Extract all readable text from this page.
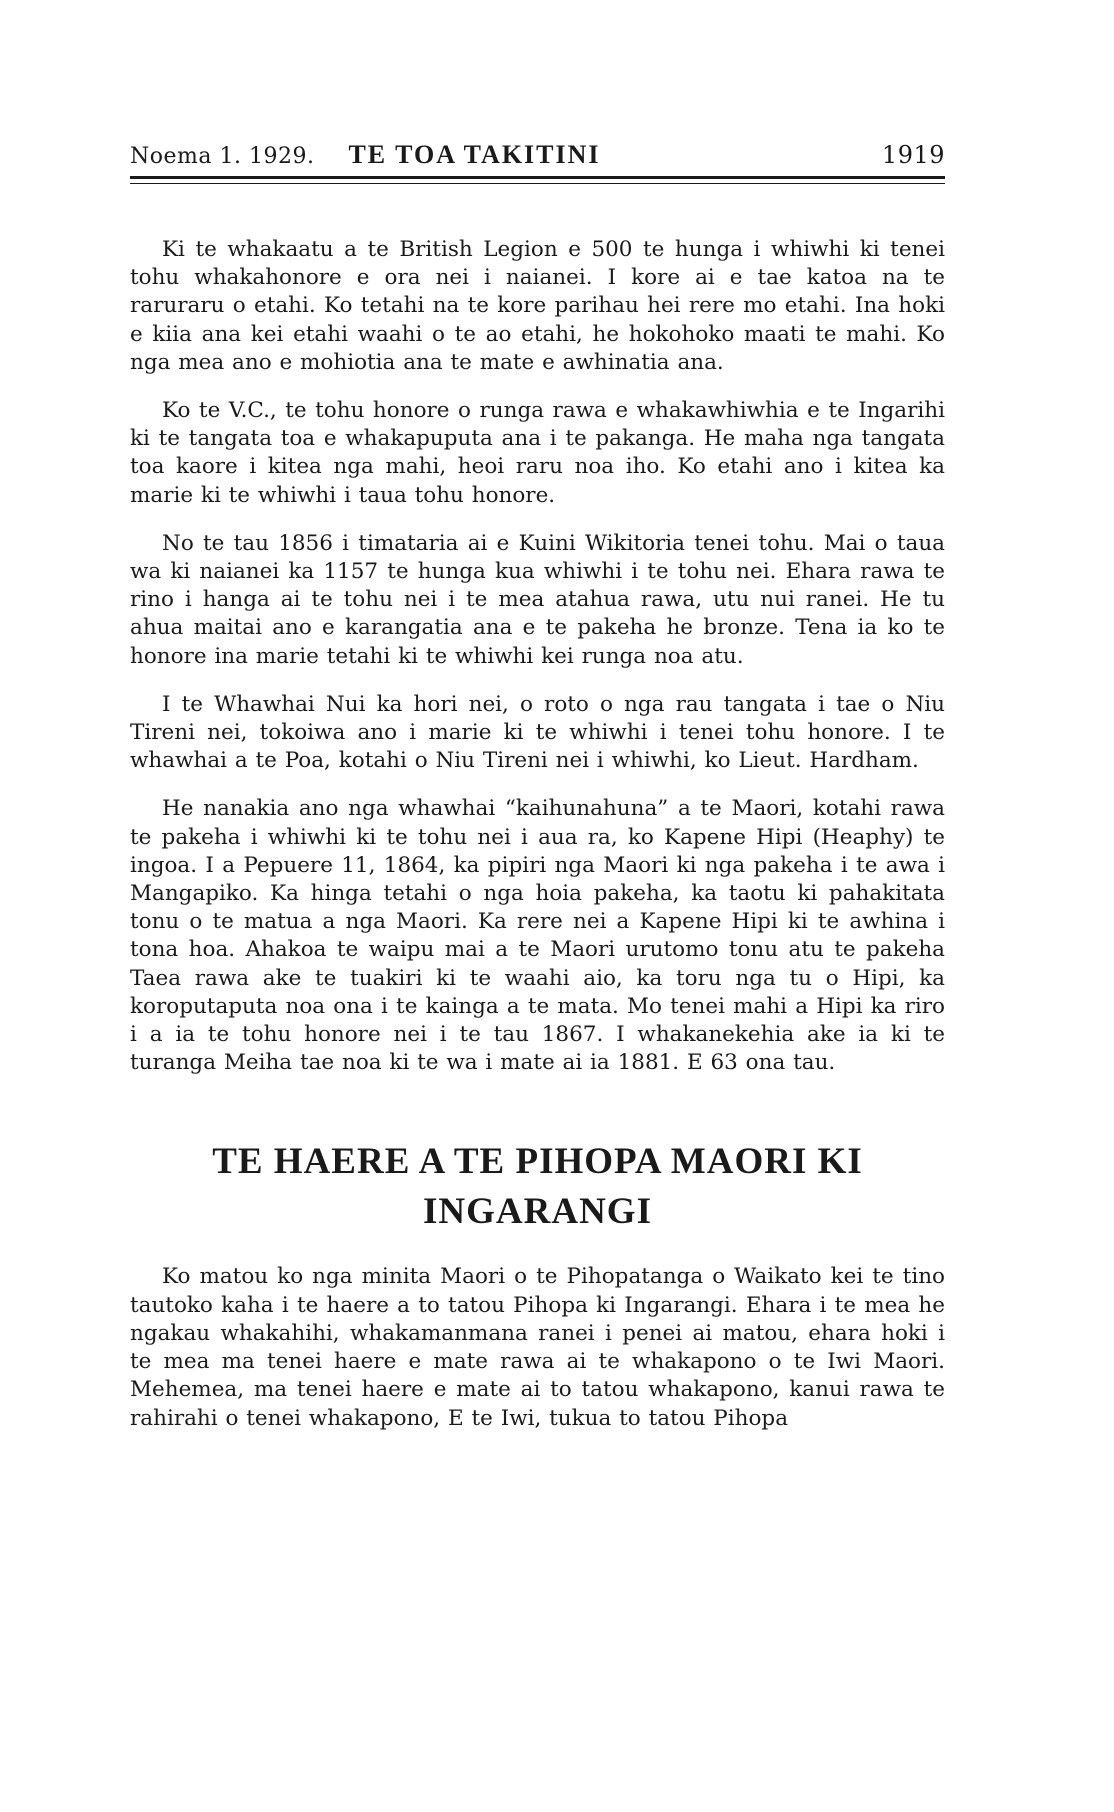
Noema 1. 1929. TE TOA TAKITINI	1919

Ki te whakaatu a te British Legion e 500 te hunga i whiwhi ki tenei tohu whakahonore e ora nei i naianei. I kore ai e tae katoa na te raruraru o etahi. Ko tetahi na te kore parihau hei rere mo etahi. Ina hoki e kiia ana kei etahi waahi o te ao etahi, he hokohoko maati te mahi. Ko nga mea ano e mohiotia ana te mate e awhinatia ana.

Ko te V.C., te tohu honore o runga rawa e whakawhiwhia e te Ingarihi ki te tangata toa e whakapuputa ana i te pakanga. He maha nga tangata toa kaore i kitea nga mahi, heoi raru noa iho. Ko etahi ano i kitea ka marie ki te whiwhi i taua tohu honore.

No te tau 1856 i timataria ai e Kuini Wikitoria tenei tohu. Mai o taua wa ki naianei ka 1157 te hunga kua whiwhi i te tohu nei. Ehara rawa te rino i hanga ai te tohu nei i te mea atahua rawa, utu nui ranei. He tu ahua maitai ano e karangatia ana e te pakeha he bronze. Tena ia ko te honore ina marie tetahi ki te whiwhi kei runga noa atu.

I te Whawhai Nui ka hori nei, o roto o nga rau tangata i tae o Niu Tireni nei, tokoiwa ano i marie ki te whiwhi i tenei tohu honore. I te whawhai a te Poa, kotahi o Niu Tireni nei i whiwhi, ko Lieut. Hardham.

He nanakia ano nga whawhai “kaihunahuna” a te Maori, kotahi rawa te pakeha i whiwhi ki te tohu nei i aua ra, ko Kapene Hipi (Heaphy) te ingoa. I a Pepuere 11, 1864, ka pipiri nga Maori ki nga pakeha i te awa i Mangapiko. Ka hinga tetahi o nga hoia pakeha, ka taotu ki pahakitata tonu o te matua a nga Maori. Ka rere nei a Kapene Hipi ki te awhina i tona hoa. Ahakoa te waipu mai a te Maori urutomo tonu atu te pakeha Taea rawa ake te tuakiri ki te waahi aio, ka toru nga tu o Hipi, ka koroputaputa noa ona i te kainga a te mata. Mo tenei mahi a Hipi ka riro i a ia te tohu honore nei i te tau 1867. I whakanekehia ake ia ki te turanga Meiha tae noa ki te wa i mate ai ia 1881. E 63 ona tau.

TE HAERE A TE PIHOPA MAORI KI
INGARANGI

Ko matou ko nga minita Maori o te Pihopatanga o Waikato kei te tino tautoko kaha i te haere a to tatou Pihopa ki Ingarangi. Ehara i te mea he ngakau whakahihi, whakamanmana ranei i penei ai matou, ehara hoki i te mea ma tenei haere e mate rawa ai te whakapono o te Iwi Maori. Mehemea, ma tenei haere e mate ai to tatou whakapono, kanui rawa te rahirahi o tenei whakapono, E te Iwi, tukua to tatou Pihopa
